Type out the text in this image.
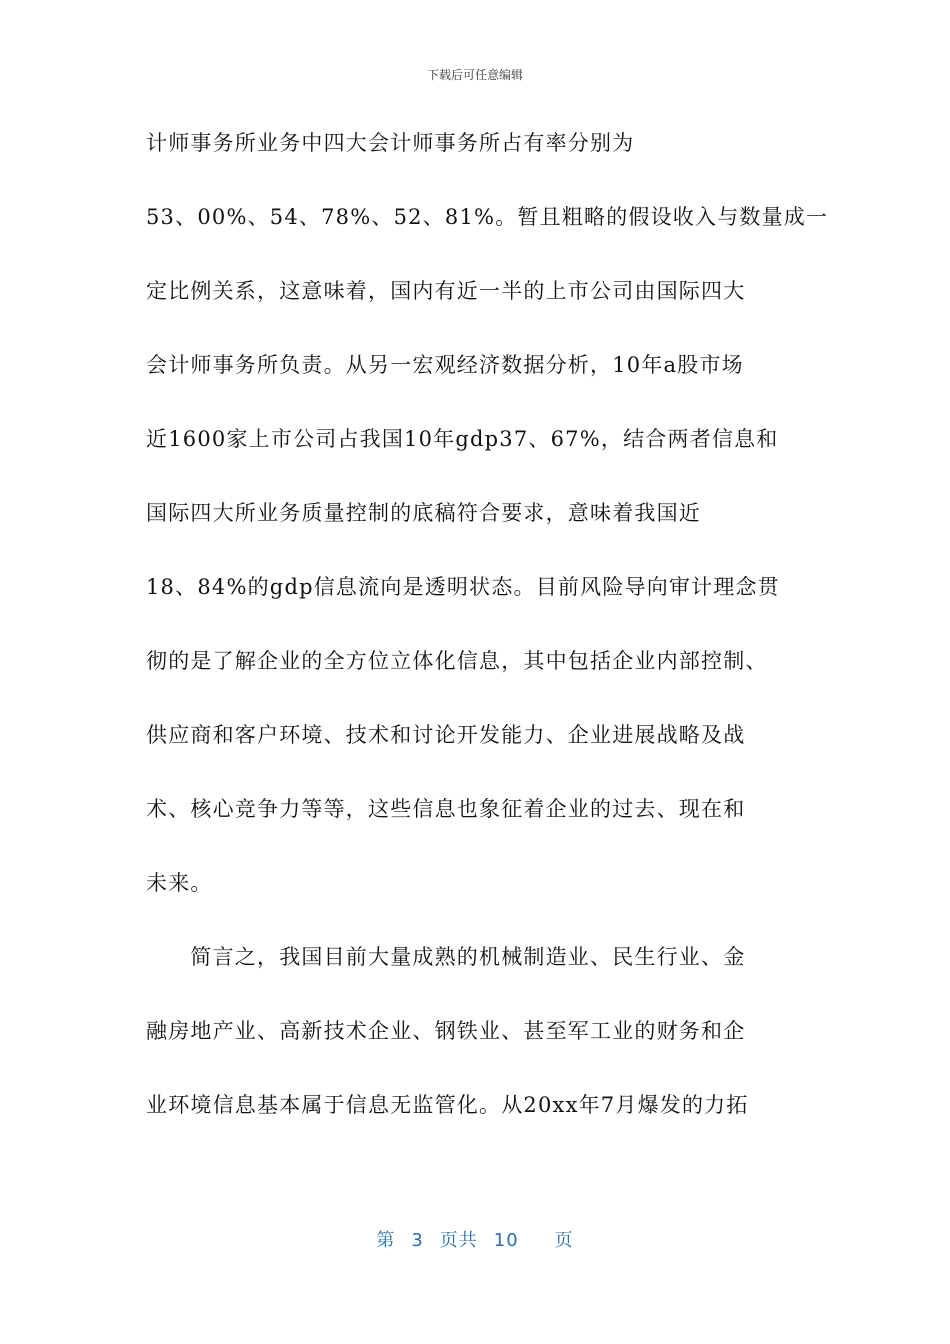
下载后可任意编辑
计师事务所业务中四大会计师事务所占有率分别为
53、00%、54、78%、52、81%。暂且粗略的假设收入与数量成一
定比例关系，这意味着，国内有近一半的上市公司由国际四大
会计师事务所负责。从另一宏观经济数据分析，10年a股市场
近1600家上市公司占我国10年gdp37、67%，结合两者信息和
国际四大所业务质量控制的底稿符合要求，意味着我国近
18、84%的gdp信息流向是透明状态。目前风险导向审计理念贯
彻的是了解企业的全方位立体化信息，其中包括企业内部控制、
供应商和客户环境、技术和讨论开发能力、企业进展战略及战
术、核心竞争力等等，这些信息也象征着企业的过去、现在和
未来。
　　简言之，我国目前大量成熟的机械制造业、民生行业、金
融房地产业、高新技术企业、钢铁业、甚至军工业的财务和企
业环境信息基本属于信息无监管化。从20xx年7月爆发的力拓
第 3 页共 10 页
